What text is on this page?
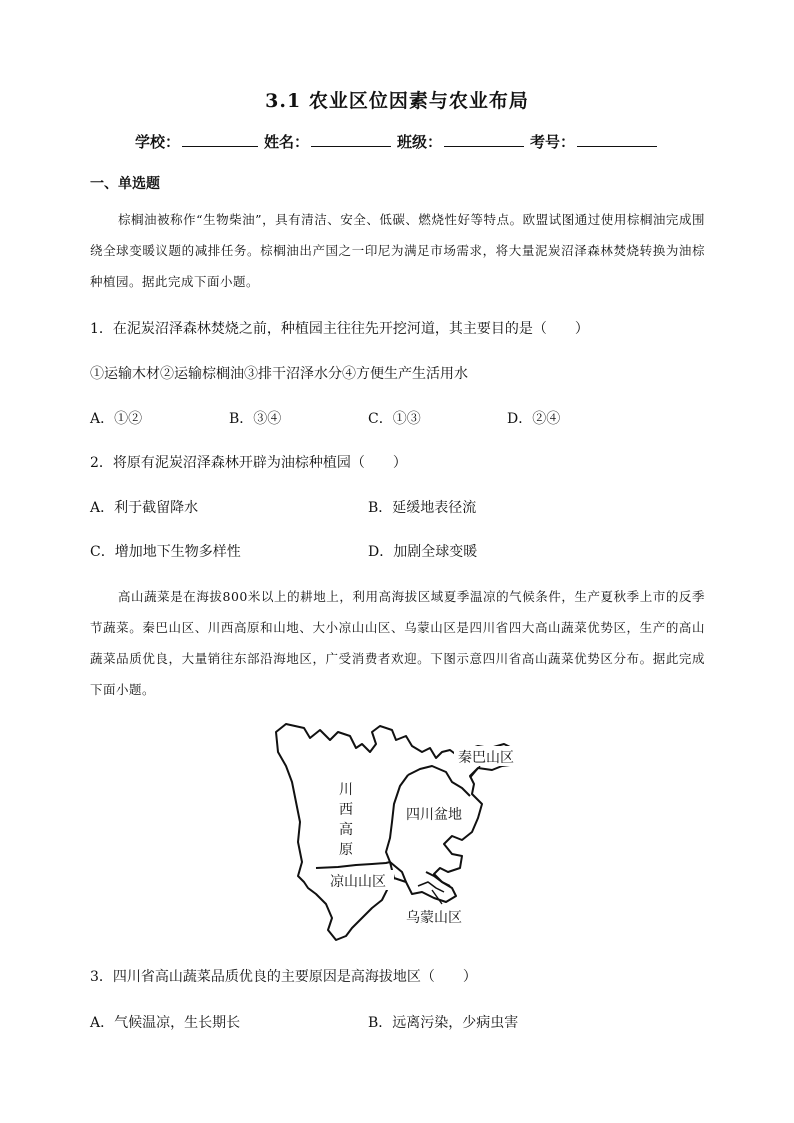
3.1 农业区位因素与农业布局
学校：	姓名：	班级：	考号：
一、单选题
棕榈油被称作“生物柴油”，具有清洁、安全、低碳、燃烧性好等特点。欧盟试图通过使用棕榈油完成围绕全球变暖议题的减排任务。棕榈油出产国之一印尼为满足市场需求，将大量泥炭沼泽森林焚烧转换为油棕种植园。据此完成下面小题。
1．在泥炭沼泽森林焚烧之前，种植园主往往先开挖河道，其主要目的是（　　）
①运输木材②运输棕榈油③排干沼泽水分④方便生产生活用水
A．①②	B．③④	C．①③	D．②④
2．将原有泥炭沼泽森林开辟为油棕种植园（　　）
A．利于截留降水	B．延缓地表径流
C．增加地下生物多样性	D．加剧全球变暖
高山蔬菜是在海拔800米以上的耕地上，利用高海拔区域夏季温凉的气候条件，生产夏秋季上市的反季节蔬菜。秦巴山区、川西高原和山地、大小凉山山区、乌蒙山区是四川省四大高山蔬菜优势区，生产的高山蔬菜品质优良，大量销往东部沿海地区，广受消费者欢迎。下图示意四川省高山蔬菜优势区分布。据此完成下面小题。
秦巴山区
川
西
高
原
四川盆地
凉山山区
乌蒙山区
3．四川省高山蔬菜品质优良的主要原因是高海拔地区（　　）
A．气候温凉，生长期长	B．远离污染，少病虫害
